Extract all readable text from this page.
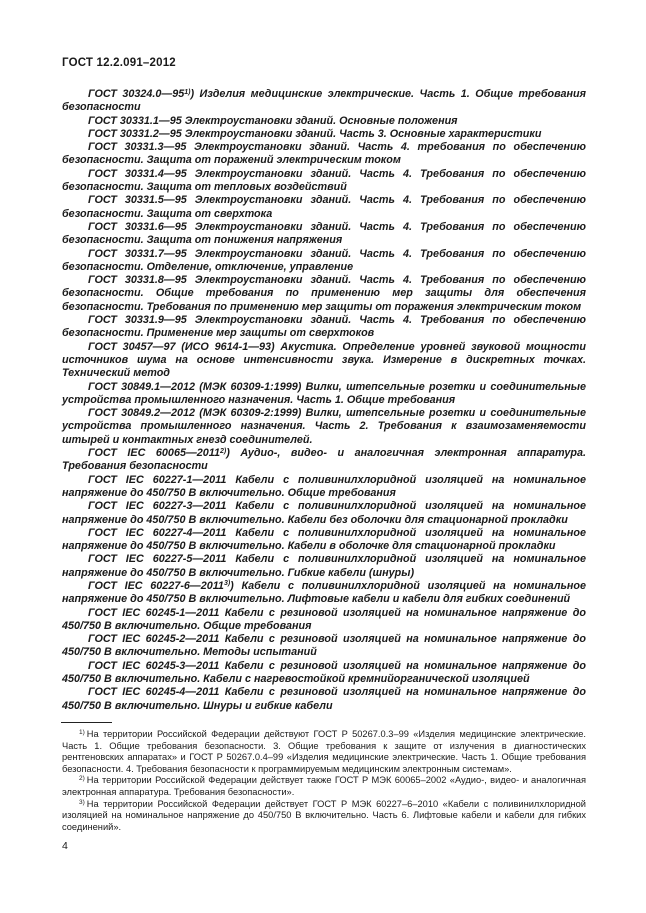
ГОСТ 12.2.091–2012

ГОСТ 30324.0—95$^{1)}$) Изделия медицинские электрические. Часть 1. Общие требования безопасности

ГОСТ 30331.1—95 Электроустановки зданий. Основные положения

ГОСТ 30331.2—95 Электроустановки зданий. Часть 3. Основные характеристики

ГОСТ 30331.3—95 Электроустановки зданий. Часть 4. требования по обеспечению безопасности. Защита от поражений электрическим током

ГОСТ 30331.4—95 Электроустановки зданий. Часть 4. Требования по обеспечению безопасности. Защита от тепловых воздействий

ГОСТ 30331.5—95 Электроустановки зданий. Часть 4. Требования по обеспечению безопасности. Защита от сверхтока

ГОСТ 30331.6—95 Электроустановки зданий. Часть 4. Требования по обеспечению безопасности. Защита от понижения напряжения

ГОСТ 30331.7—95 Электроустановки зданий. Часть 4. Требования по обеспечению безопасности. Отделение, отключение, управление

ГОСТ 30331.8—95 Электроустановки зданий. Часть 4. Требования по обеспечению безопасности. Общие требования по применению мер защиты для обеспечения безопасности. Требования по применению мер защиты от поражения электрическим током

ГОСТ 30331.9—95 Электроустановки зданий. Часть 4. Требования по обеспечению безопасности. Применение мер защиты от сверхтоков

ГОСТ 30457—97 (ИСО 9614-1—93) Акустика. Определение уровней звуковой мощности источников шума на основе интенсивности звука. Измерение в дискретных точках. Технический метод

ГОСТ 30849.1—2012 (МЭК 60309-1:1999) Вилки, штепсельные розетки и соединительные устройства промышленного назначения. Часть 1. Общие требования

ГОСТ 30849.2—2012 (МЭК 60309-2:1999) Вилки, штепсельные розетки и соединительные устройства промышленного назначения. Часть 2. Требования к взаимозаменяемости штырей и контактных гнезд соединителей.

ГОСТ IEC 60065—2011$^{2)}$) Аудио-, видео- и аналогичная электронная аппаратура. Требования безопасности

ГОСТ IEC 60227-1—2011 Кабели с поливинилхлоридной изоляцией на номинальное напряжение до 450/750 В включительно. Общие требования

ГОСТ IEC 60227-3—2011 Кабели с поливинилхлоридной изоляцией на номинальное напряжение до 450/750 В включительно. Кабели без оболочки для стационарной прокладки

ГОСТ IEC 60227-4—2011 Кабели с поливинилхлоридной изоляцией на номинальное напряжение до 450/750 В включительно. Кабели в оболочке для стационарной прокладки

ГОСТ IEC 60227-5—2011 Кабели с поливинилхлоридной изоляцией на номинальное напряжение до 450/750 В включительно. Гибкие кабели (шнуры)

ГОСТ IEC 60227-6—2011$^{3)}$) Кабели с поливинилхлоридной изоляцией на номинальное напряжение до 450/750 В включительно. Лифтовые кабели и кабели для гибких соединений

ГОСТ IEC 60245-1—2011 Кабели с резиновой изоляцией на номинальное напряжение до 450/750 В включительно. Общие требования

ГОСТ IEC 60245-2—2011 Кабели с резиновой изоляцией на номинальное напряжение до 450/750 В включительно. Методы испытаний

ГОСТ IEC 60245-3—2011 Кабели с резиновой изоляцией на номинальное напряжение до 450/750 В включительно. Кабели с нагревостойкой кремнийорганической изоляцией

ГОСТ IEC 60245-4—2011 Кабели с резиновой изоляцией на номинальное напряжение до 450/750 В включительно. Шнуры и гибкие кабели

$^{1)}$ На территории Российской Федерации действуют ГОСТ Р 50267.0.3–99 «Изделия медицинские электрические. Часть 1. Общие требования безопасности. 3. Общие требования к защите от излучения в диагностических рентгеновских аппаратах» и ГОСТ Р 50267.0.4–99 «Изделия медицинские электрические. Часть 1. Общие требования безопасности. 4. Требования безопасности к программируемым медицинским электронным системам».

$^{2)}$ На территории Российской Федерации действует также ГОСТ Р МЭК 60065–2002 «Аудио-, видео- и аналогичная электронная аппаратура. Требования безопасности».

$^{3)}$ На территории Российской Федерации действует ГОСТ Р МЭК 60227–6–2010 «Кабели с поливинилхлоридной изоляцией на номинальное напряжение до 450/750 В включительно. Часть 6. Лифтовые кабели и кабели для гибких соединений».

4
